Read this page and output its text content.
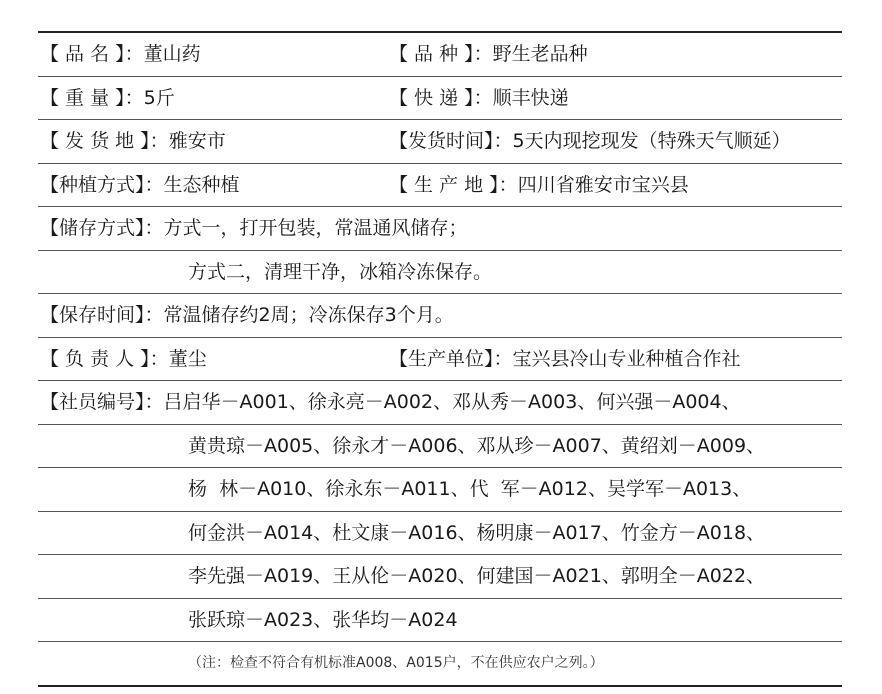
【 品 名 】：董山药	【 品 种 】：野生老品种
【 重 量 】：5斤	【 快 递 】：顺丰快递
【 发 货 地 】：雅安市	【发货时间】：5天内现挖现发（特殊天气顺延）
【种植方式】：生态种植	【 生 产 地 】：四川省雅安市宝兴县
【储存方式】：方式一，打开包装，常温通风储存；
方式二，清理干净，冰箱冷冻保存。
【保存时间】：常温储存约2周；冷冻保存3个月。
【 负 责 人 】：董尘	【生产单位】：宝兴县冷山专业种植合作社
【社员编号】：吕启华－A001、徐永亮－A002、邓从秀－A003、何兴强－A004、
黄贵琼－A005、徐永才－A006、邓从珍－A007、黄绍刘－A009、
杨  林－A010、徐永东－A011、代  军－A012、吴学军－A013、
何金洪－A014、杜文康－A016、杨明康－A017、竹金方－A018、
李先强－A019、王从伦－A020、何建国－A021、郭明全－A022、
张跃琼－A023、张华均－A024
（注：检查不符合有机标准A008、A015户，不在供应农户之列。）
